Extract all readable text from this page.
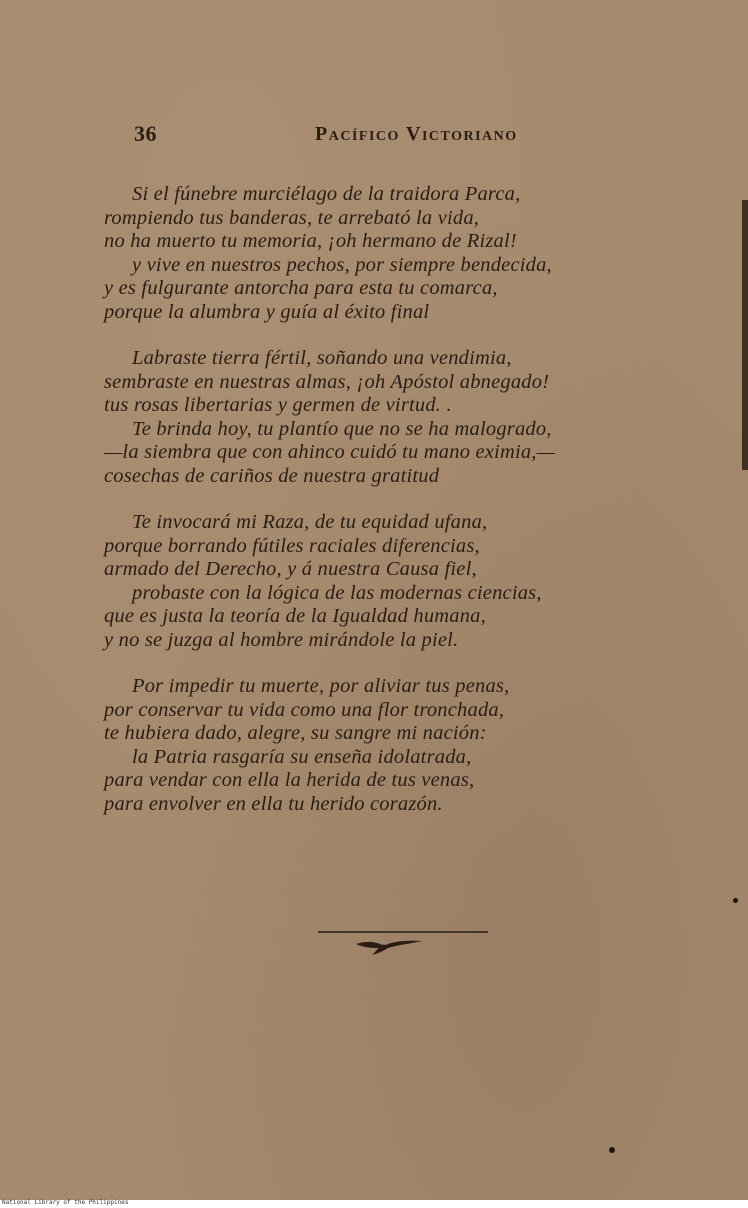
36	Pacífico Victoriano
Si el fúnebre murciélago de la traidora Parca,
rompiendo tus banderas, te arrebató la vida,
no ha muerto tu memoria, ¡oh hermano de Rizal!
y vive en nuestros pechos, por siempre bendecida,
y es fulgurante antorcha para esta tu comarca,
porque la alumbra y guía al éxito final
Labraste tierra fértil, soñando una vendimia,
sembraste en nuestras almas, ¡oh Apóstol abnegado!
tus rosas libertarias y germen de virtud. .
Te brinda hoy, tu plantío que no se ha malogrado,
—la siembra que con ahinco cuidó tu mano eximia,—
cosechas de cariños de nuestra gratitud
Te invocará mi Raza, de tu equidad ufana,
porque borrando fútiles raciales diferencias,
armado del Derecho, y á nuestra Causa fiel,
probaste con la lógica de las modernas ciencias,
que es justa la teoría de la Igualdad humana,
y no se juzga al hombre mirándole la piel.
Por impedir tu muerte, por aliviar tus penas,
por conservar tu vida como una flor tronchada,
te hubiera dado, alegre, su sangre mi nación:
la Patria rasgaría su enseña idolatrada,
para vendar con ella la herida de tus venas,
para envolver en ella tu herido corazón.
National Library of the Philippines
